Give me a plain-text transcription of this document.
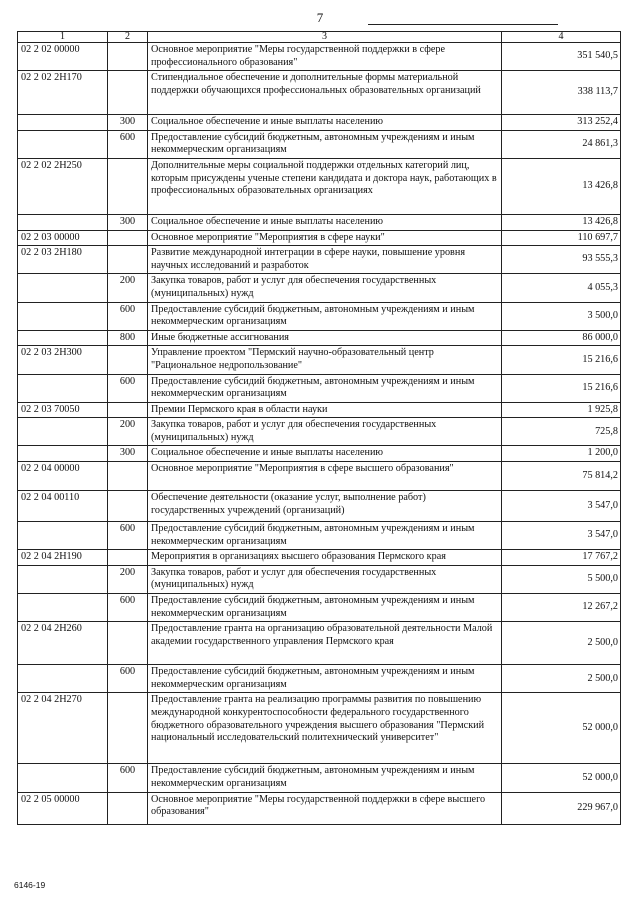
7
1	2	3	4
02 2 02 00000		Основное мероприятие "Меры государственной поддержки в сфере профессионального образования"	351 540,5
02 2 02 2Н170		Стипендиальное обеспечение и дополнительные формы материальной поддержки обучающихся профессиональных образовательных организаций	338 113,7
	300	Социальное обеспечение и иные выплаты населению	313 252,4
	600	Предоставление субсидий бюджетным, автономным учреждениям и иным некоммерческим организациям	24 861,3
02 2 02 2Н250		Дополнительные меры социальной поддержки отдельных категорий лиц, которым присуждены ученые степени кандидата и доктора наук, работающих в профессиональных образовательных организациях	13 426,8
	300	Социальное обеспечение и иные выплаты населению	13 426,8
02 2 03 00000		Основное мероприятие "Мероприятия в сфере науки"	110 697,7
02 2 03 2Н180		Развитие международной интеграции в сфере науки, повышение уровня научных исследований и разработок	93 555,3
	200	Закупка товаров, работ и услуг для обеспечения государственных (муниципальных) нужд	4 055,3
	600	Предоставление субсидий бюджетным, автономным учреждениям и иным некоммерческим организациям	3 500,0
	800	Иные бюджетные ассигнования	86 000,0
02 2 03 2Н300		Управление проектом "Пермский научно-образовательный центр "Рациональное недропользование"	15 216,6
	600	Предоставление субсидий бюджетным, автономным учреждениям и иным некоммерческим организациям	15 216,6
02 2 03 70050		Премии Пермского края в области науки	1 925,8
	200	Закупка товаров, работ и услуг для обеспечения государственных (муниципальных) нужд	725,8
	300	Социальное обеспечение и иные выплаты населению	1 200,0
02 2 04 00000		Основное мероприятие "Мероприятия в сфере высшего образования"	75 814,2
02 2 04 00110		Обеспечение деятельности (оказание услуг, выполнение работ) государственных учреждений (организаций)	3 547,0
	600	Предоставление субсидий бюджетным, автономным учреждениям и иным некоммерческим организациям	3 547,0
02 2 04 2Н190		Мероприятия в организациях высшего образования Пермского края	17 767,2
	200	Закупка товаров, работ и услуг для обеспечения государственных (муниципальных) нужд	5 500,0
	600	Предоставление субсидий бюджетным, автономным учреждениям и иным некоммерческим организациям	12 267,2
02 2 04 2Н260		Предоставление гранта на организацию образовательной деятельности Малой академии государственного управления Пермского края	2 500,0
	600	Предоставление субсидий бюджетным, автономным учреждениям и иным некоммерческим организациям	2 500,0
02 2 04 2Н270		Предоставление гранта на реализацию программы развития по повышению международной конкурентоспособности федерального государственного бюджетного образовательного учреждения высшего образования "Пермский национальный исследовательский политехнический университет"	52 000,0
	600	Предоставление субсидий бюджетным, автономным учреждениям и иным некоммерческим организациям	52 000,0
02 2 05 00000		Основное мероприятие "Меры государственной поддержки в сфере высшего образования"	229 967,0
6146-19
